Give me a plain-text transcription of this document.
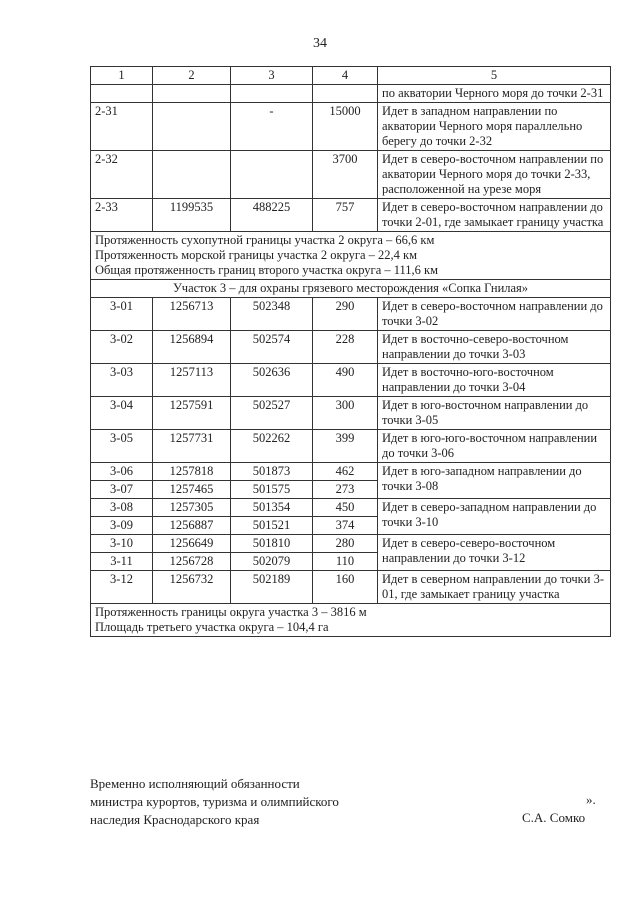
34
1	2	3	4	5
				по акватории Черного моря до точки 2-31
2-31		-	15000	Идет в западном направлении по акватории Черного моря параллельно берегу до точки 2-32
2-32			3700	Идет в северо-восточном направлении по акватории Черного моря до точки 2-33, расположенной на урезе моря
2-33	1199535	488225	757	Идет в северо-восточном направлении до точки 2-01, где замыкает границу участка

Протяженность сухопутной границы участка 2 округа – 66,6 км
Протяженность морской границы участка 2 округа – 22,4 км
Общая протяженность границ второго участка округа – 111,6 км				

Участок 3 – для охраны грязевого месторождения «Сопка Гнилая»				
3-01	1256713	502348	290	Идет в северо-восточном направлении до точки 3-02
3-02	1256894	502574	228	Идет в восточно-северо-восточном направлении до точки 3-03
3-03	1257113	502636	490	Идет в восточно-юго-восточном направлении до точки 3-04
3-04	1257591	502527	300	Идет в юго-восточном направлении до точки 3-05
3-05	1257731	502262	399	Идет в юго-юго-восточном направлении до точки 3-06
3-06	1257818	501873	462	Идет в юго-западном направлении до точки 3-08
3-07	1257465	501575	273	
3-08	1257305	501354	450	Идет в северо-западном направлении до точки 3-10
3-09	1256887	501521	374	
3-10	1256649	501810	280	Идет в северо-северо-восточном направлении до точки 3-12
3-11	1256728	502079	110	
3-12	1256732	502189	160	Идет в северном направлении до точки 3-01, где замыкает границу участка

Протяженность границы округа участка 3 – 3816 м
Площадь третьего участка округа – 104,4 га				
».
Временно исполняющий обязанности
министра курортов, туризма и олимпийского
наследия Краснодарского края	С.А. Сомко
